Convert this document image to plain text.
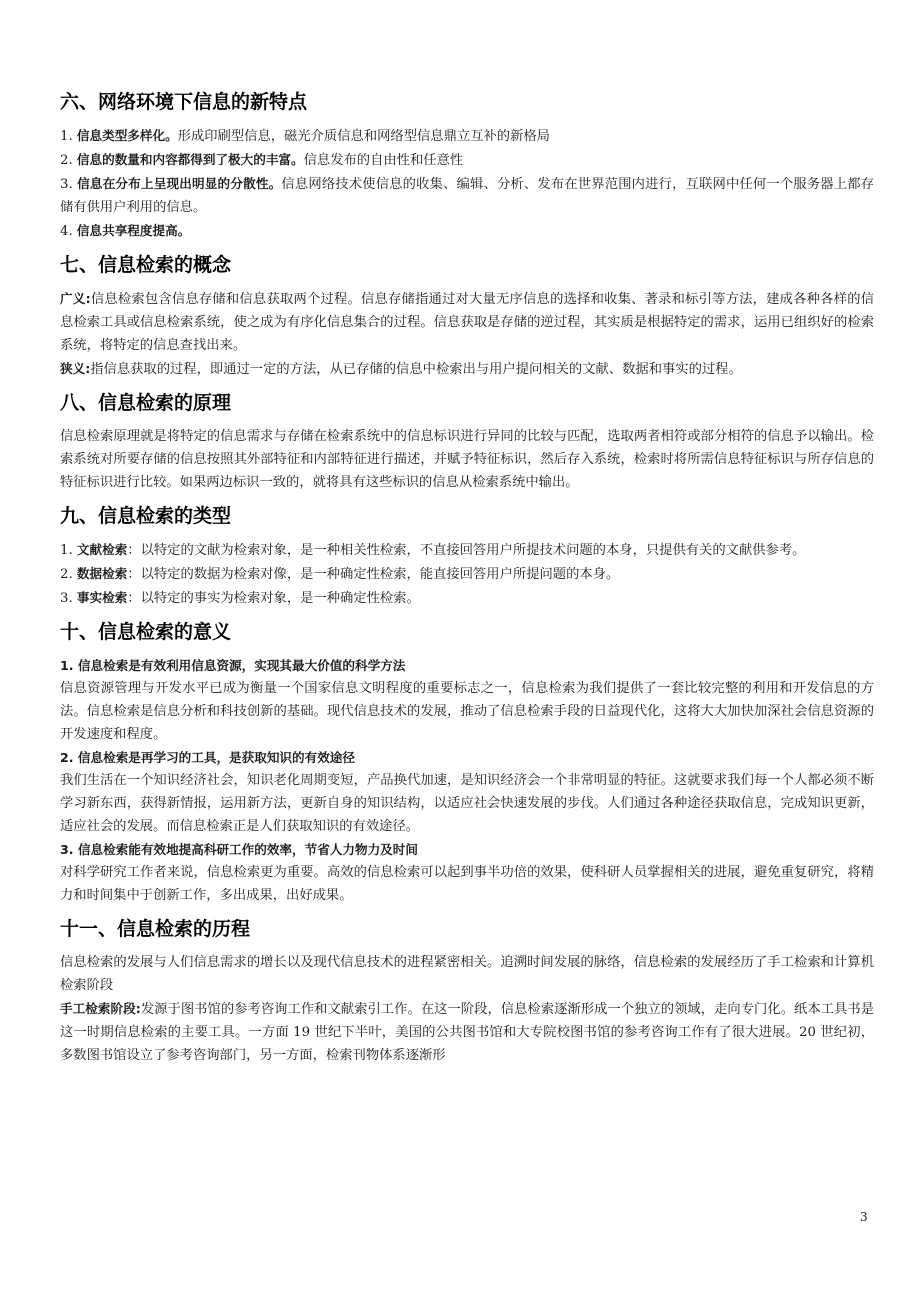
六、网络环境下信息的新特点

1. 信息类型多样化。形成印刷型信息，磁光介质信息和网络型信息鼎立互补的新格局

2. 信息的数量和内容都得到了极大的丰富。信息发布的自由性和任意性

3. 信息在分布上呈现出明显的分散性。信息网络技术使信息的收集、编辑、分析、发布在世界范围内进行，互联网中任何一个服务器上都存储有供用户利用的信息。

4. 信息共享程度提高。

七、信息检索的概念

广义:信息检索包含信息存储和信息获取两个过程。信息存储指通过对大量无序信息的选择和收集、著录和标引等方法，建成各种各样的信息检索工具或信息检索系统，使之成为有序化信息集合的过程。信息获取是存储的逆过程，其实质是根据特定的需求，运用已组织好的检索系统，将特定的信息查找出来。

狭义:指信息获取的过程，即通过一定的方法，从已存储的信息中检索出与用户提问相关的文献、数据和事实的过程。

八、信息检索的原理

信息检索原理就是将特定的信息需求与存储在检索系统中的信息标识进行异同的比较与匹配，选取两者相符或部分相符的信息予以输出。检索系统对所要存储的信息按照其外部特征和内部特征进行描述，并赋予特征标识，然后存入系统，检索时将所需信息特征标识与所存信息的特征标识进行比较。如果两边标识一致的，就将具有这些标识的信息从检索系统中输出。

九、信息检索的类型

1. 文献检索：以特定的文献为检索对象，是一种相关性检索，不直接回答用户所提技术问题的本身，只提供有关的文献供参考。

2. 数据检索：以特定的数据为检索对像，是一种确定性检索，能直接回答用户所提问题的本身。

3. 事实检索：以特定的事实为检索对象，是一种确定性检索。

十、信息检索的意义

1. 信息检索是有效利用信息资源，实现其最大价值的科学方法

信息资源管理与开发水平已成为衡量一个国家信息文明程度的重要标志之一，信息检索为我们提供了一套比较完整的利用和开发信息的方法。信息检索是信息分析和科技创新的基础。现代信息技术的发展，推动了信息检索手段的日益现代化，这将大大加快加深社会信息资源的开发速度和程度。

2. 信息检索是再学习的工具，是获取知识的有效途径

我们生活在一个知识经济社会，知识老化周期变短，产品换代加速，是知识经济会一个非常明显的特征。这就要求我们每一个人都必须不断学习新东西，获得新情报，运用新方法，更新自身的知识结构，以适应社会快速发展的步伐。人们通过各种途径获取信息，完成知识更新，适应社会的发展。而信息检索正是人们获取知识的有效途径。

3. 信息检索能有效地提高科研工作的效率，节省人力物力及时间

对科学研究工作者来说，信息检索更为重要。高效的信息检索可以起到事半功倍的效果，使科研人员掌握相关的进展，避免重复研究，将精力和时间集中于创新工作，多出成果，出好成果。

十一、信息检索的历程

信息检索的发展与人们信息需求的增长以及现代信息技术的进程紧密相关。追溯时间发展的脉络，信息检索的发展经历了手工检索和计算机检索阶段

手工检索阶段:发源于图书馆的参考咨询工作和文献索引工作。在这一阶段，信息检索逐渐形成一个独立的领域，走向专门化。纸本工具书是这一时期信息检索的主要工具。一方面 19 世纪下半叶，美国的公共图书馆和大专院校图书馆的参考咨询工作有了很大进展。20 世纪初，多数图书馆设立了参考咨询部门，另一方面，检索刊物体系逐渐形

3
